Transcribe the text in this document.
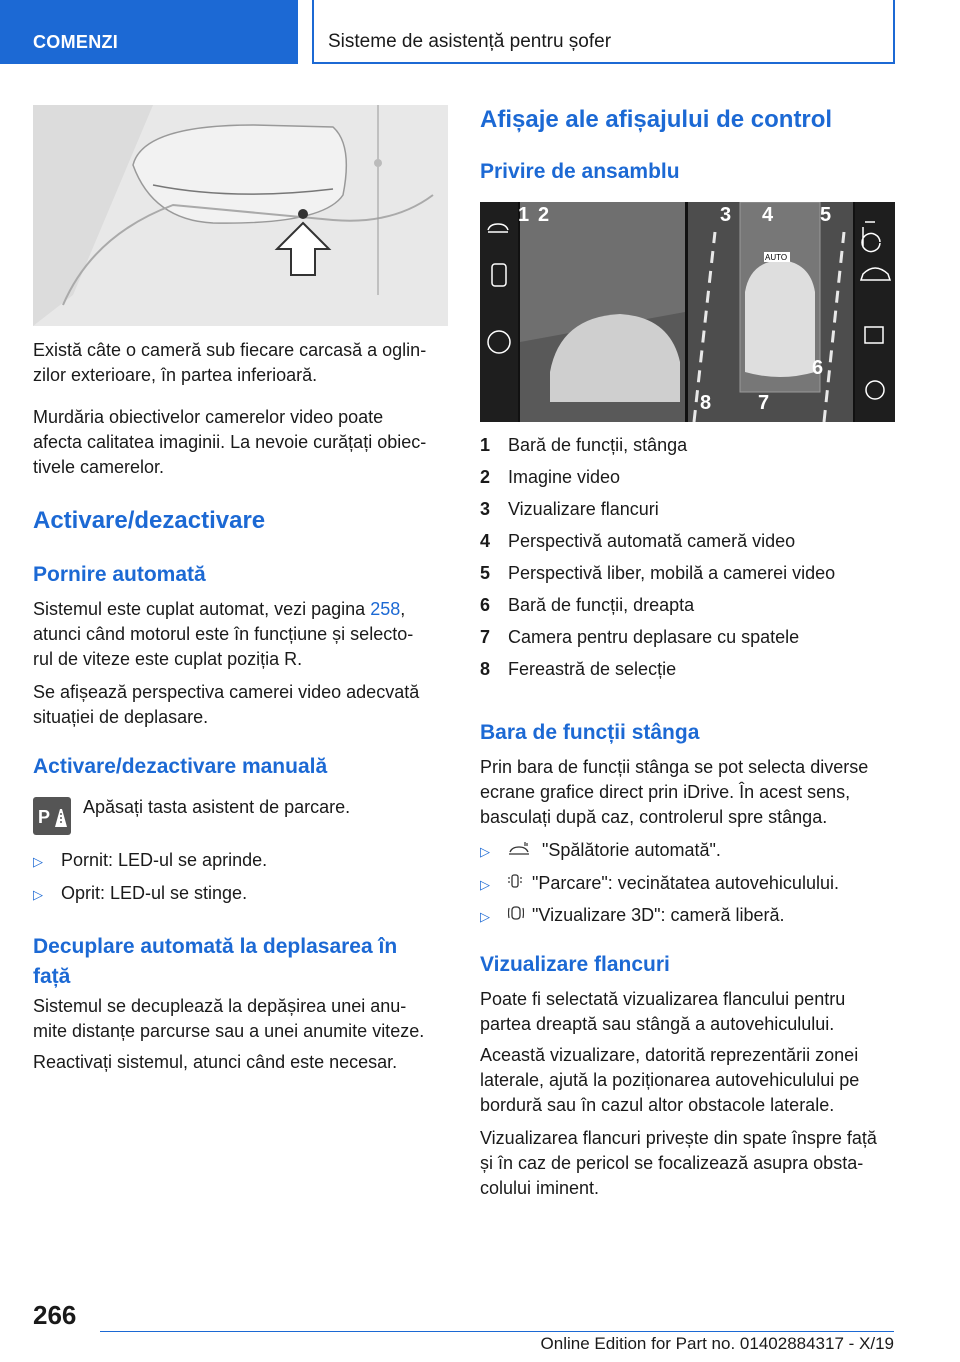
COMENZI	Sisteme de asistență pentru șofer
Există câte o cameră sub fiecare carcasă a oglin-
zilor exterioare, în partea inferioară.
Murdăria obiectivelor camerelor video poate
afecta calitatea imaginii. La nevoie curățați obiec-
tivele camerelor.
Activare/dezactivare
Pornire automată
Sistemul este cuplat automat, vezi pagina 258,
atunci când motorul este în funcțiune și selecto-
rul de viteze este cuplat poziția R.
Se afișează perspectiva camerei video adecvată
situației de deplasare.
Activare/dezactivare manuală
P Apăsați tasta asistent de parcare.
▷ Pornit: LED-ul se aprinde.
▷ Oprit: LED-ul se stinge.
Decuplare automată la deplasarea în
față
Sistemul se decuplează la depășirea unei anu-
mite distanțe parcurse sau a unei anumite viteze.
Reactivați sistemul, atunci când este necesar.
Afișaje ale afișajului de control
Privire de ansamblu
AUTO
1 2	3 4 5
6
7
8
1 Bară de funcții, stânga
2 Imagine video
3 Vizualizare flancuri
4 Perspectivă automată cameră video
5 Perspectivă liber, mobilă a camerei video
6 Bară de funcții, dreapta
7 Camera pentru deplasare cu spatele
8 Fereastră de selecție
Bara de funcții stânga
Prin bara de funcții stânga se pot selecta diverse
ecrane grafice direct prin iDrive. În acest sens,
basculați după caz, controlerul spre stânga.
▷	"Spălătorie automată".
▷ "Parcare": vecinătatea autovehiculului.
▷ "Vizualizare 3D": cameră liberă.
Vizualizare flancuri
Poate fi selectată vizualizarea flancului pentru
partea dreaptă sau stângă a autovehiculului.
Această vizualizare, datorită reprezentării zonei
laterale, ajută la poziționarea autovehiculului pe
bordură sau în cazul altor obstacole laterale.
Vizualizarea flancuri privește din spate înspre față
și în caz de pericol se focalizează asupra obsta-
colului iminent.
266
Online Edition for Part no. 01402884317 - X/19
